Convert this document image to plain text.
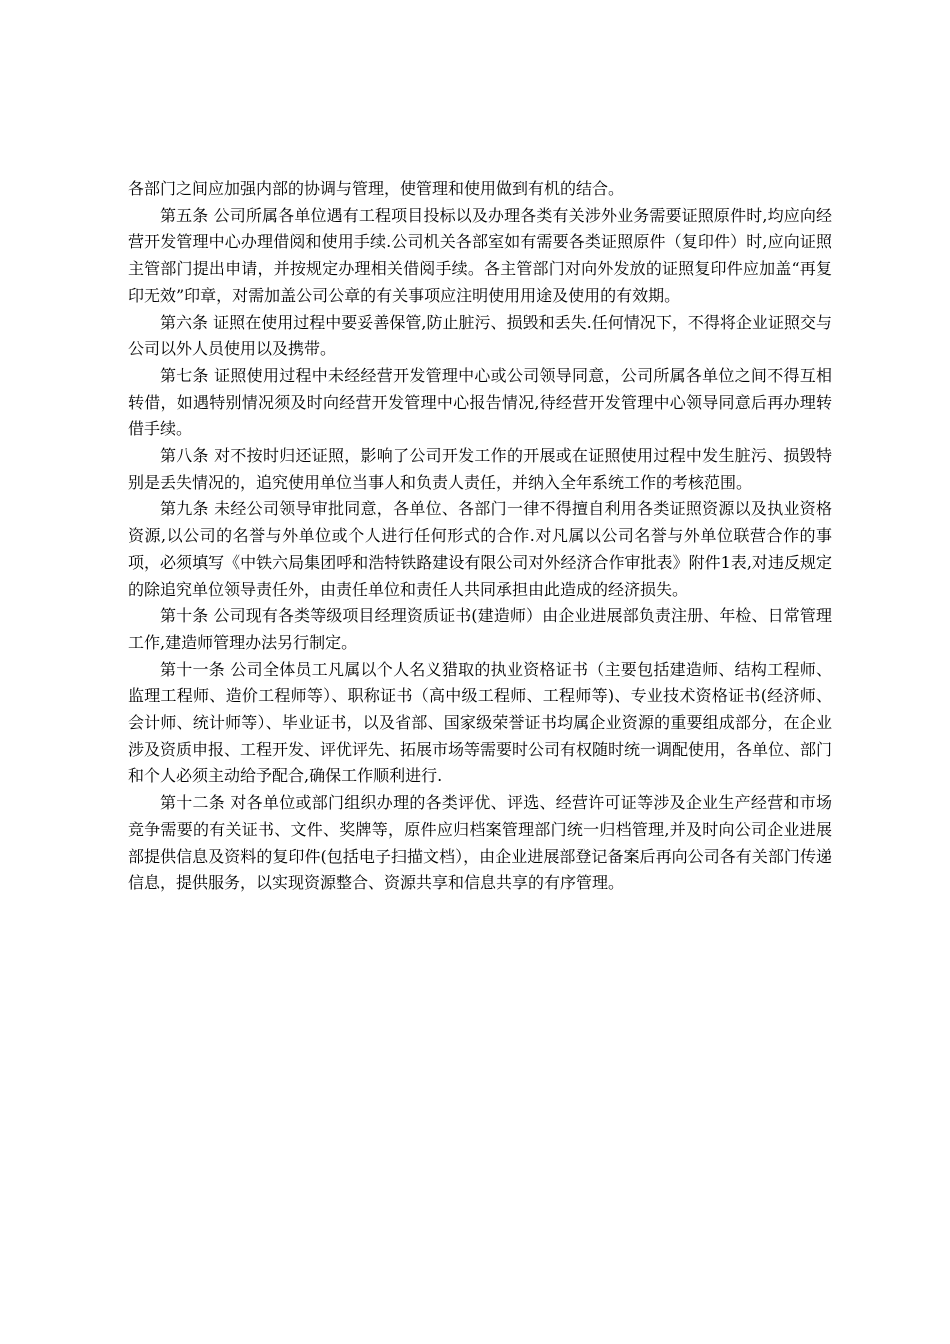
各部门之间应加强内部的协调与管理，使管理和使用做到有机的结合。

第五条 公司所属各单位遇有工程项目投标以及办理各类有关涉外业务需要证照原件时,均应向经营开发管理中心办理借阅和使用手续.公司机关各部室如有需要各类证照原件（复印件）时,应向证照主管部门提出申请，并按规定办理相关借阅手续。各主管部门对向外发放的证照复印件应加盖“再复印无效”印章，对需加盖公司公章的有关事项应注明使用用途及使用的有效期。

第六条 证照在使用过程中要妥善保管,防止脏污、损毁和丢失.任何情况下，不得将企业证照交与公司以外人员使用以及携带。

第七条 证照使用过程中未经经营开发管理中心或公司领导同意，公司所属各单位之间不得互相转借，如遇特别情况须及时向经营开发管理中心报告情况,待经营开发管理中心领导同意后再办理转借手续。

第八条 对不按时归还证照，影响了公司开发工作的开展或在证照使用过程中发生脏污、损毁特别是丢失情况的，追究使用单位当事人和负责人责任，并纳入全年系统工作的考核范围。

第九条 未经公司领导审批同意，各单位、各部门一律不得擅自利用各类证照资源以及执业资格资源,以公司的名誉与外单位或个人进行任何形式的合作.对凡属以公司名誉与外单位联营合作的事项，必须填写《中铁六局集团呼和浩特铁路建设有限公司对外经济合作审批表》附件1表,对违反规定的除追究单位领导责任外，由责任单位和责任人共同承担由此造成的经济损失。

第十条 公司现有各类等级项目经理资质证书(建造师）由企业进展部负责注册、年检、日常管理工作,建造师管理办法另行制定。

第十一条 公司全体员工凡属以个人名义猎取的执业资格证书（主要包括建造师、结构工程师、监理工程师、造价工程师等）、职称证书（高中级工程师、工程师等)、专业技术资格证书(经济师、会计师、统计师等）、毕业证书，以及省部、国家级荣誉证书均属企业资源的重要组成部分，在企业涉及资质申报、工程开发、评优评先、拓展市场等需要时公司有权随时统一调配使用，各单位、部门和个人必须主动给予配合,确保工作顺利进行.

第十二条 对各单位或部门组织办理的各类评优、评选、经营许可证等涉及企业生产经营和市场竞争需要的有关证书、文件、奖牌等，原件应归档案管理部门统一归档管理,并及时向公司企业进展部提供信息及资料的复印件(包括电子扫描文档），由企业进展部登记备案后再向公司各有关部门传递信息，提供服务，以实现资源整合、资源共享和信息共享的有序管理。
